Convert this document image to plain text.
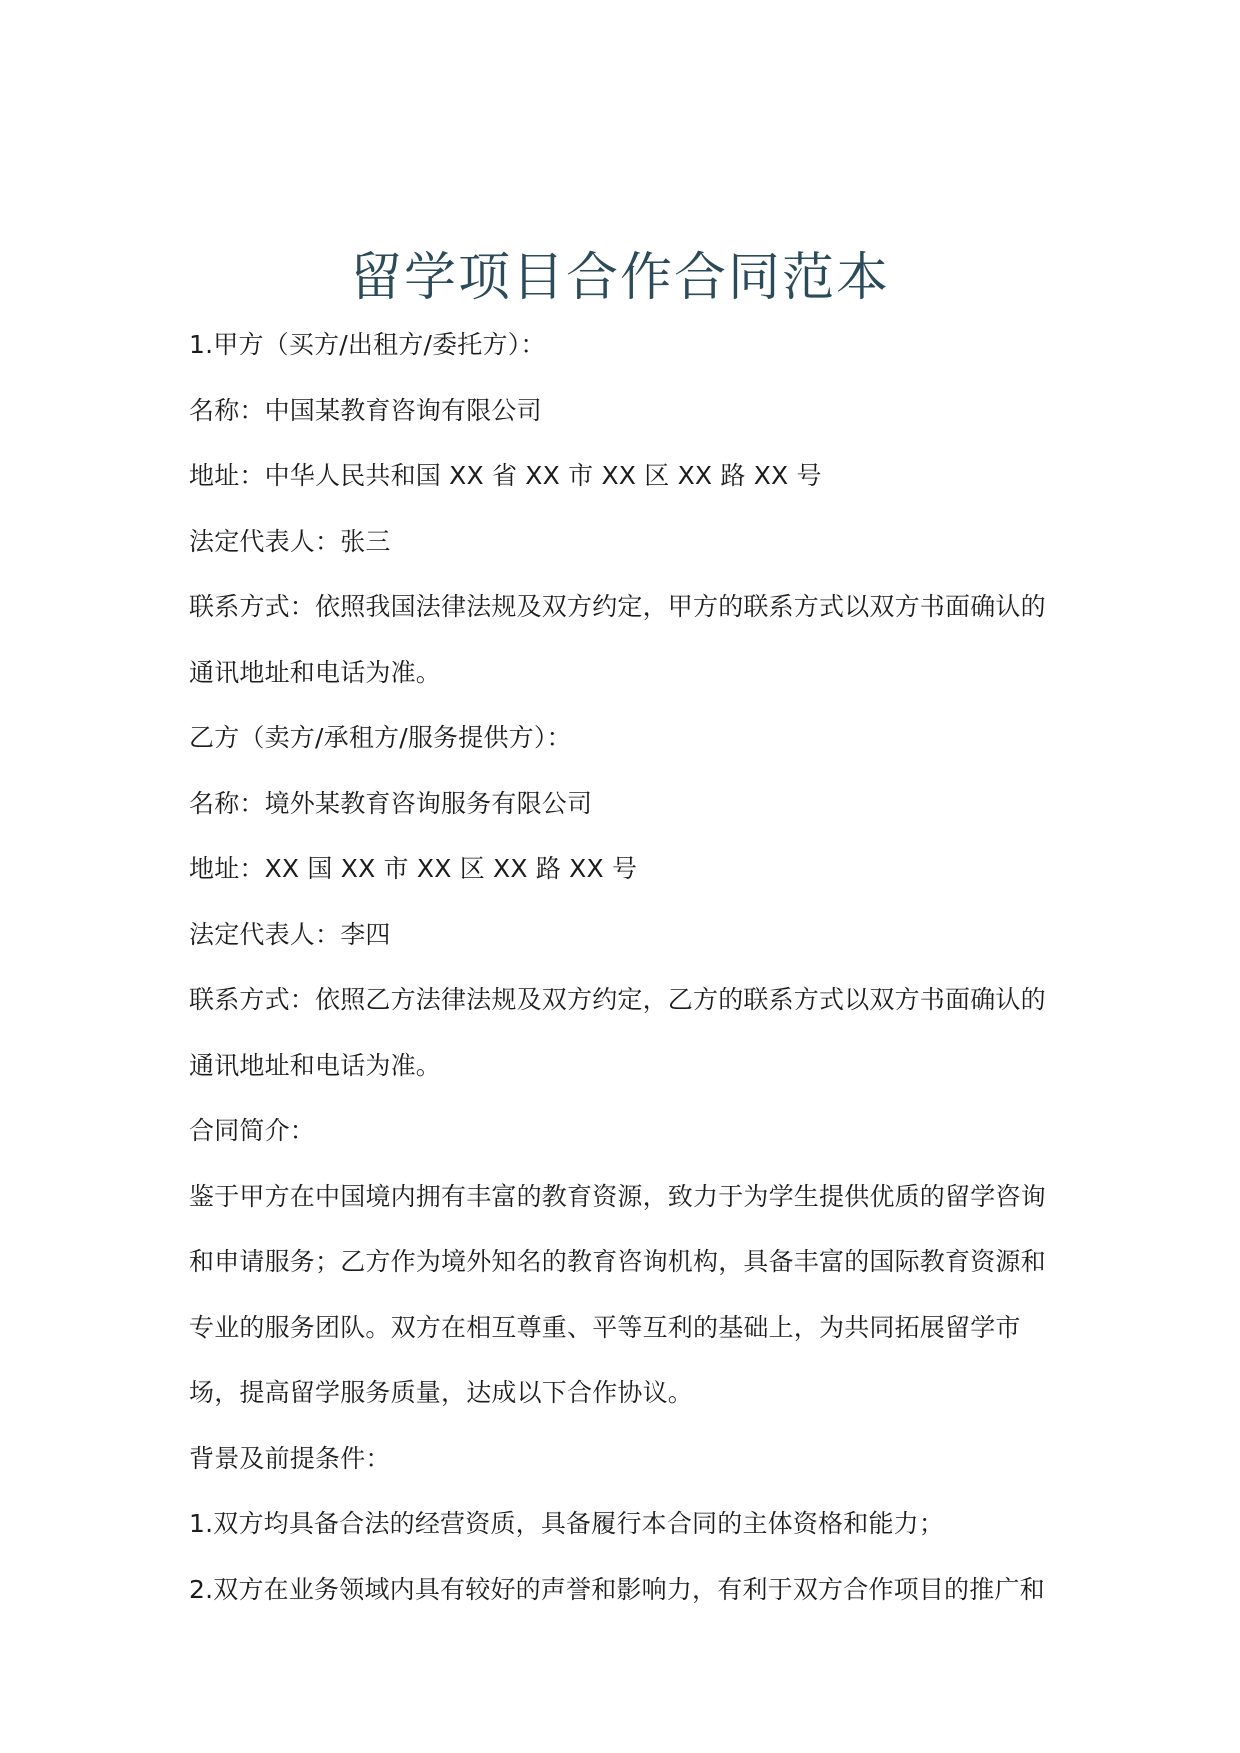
留学项目合作合同范本
1.甲方（买方/出租方/委托方）：
名称：中国某教育咨询有限公司
地址：中华人民共和国 XX 省 XX 市 XX 区 XX 路 XX 号
法定代表人：张三
联系方式：依照我国法律法规及双方约定，甲方的联系方式以双方书面确认的
通讯地址和电话为准。
乙方（卖方/承租方/服务提供方）：
名称：境外某教育咨询服务有限公司
地址：XX 国 XX 市 XX 区 XX 路 XX 号
法定代表人：李四
联系方式：依照乙方法律法规及双方约定，乙方的联系方式以双方书面确认的
通讯地址和电话为准。
合同简介：
鉴于甲方在中国境内拥有丰富的教育资源，致力于为学生提供优质的留学咨询
和申请服务；乙方作为境外知名的教育咨询机构，具备丰富的国际教育资源和
专业的服务团队。双方在相互尊重、平等互利的基础上，为共同拓展留学市
场，提高留学服务质量，达成以下合作协议。
背景及前提条件：
1.双方均具备合法的经营资质，具备履行本合同的主体资格和能力；
2.双方在业务领域内具有较好的声誉和影响力，有利于双方合作项目的推广和
